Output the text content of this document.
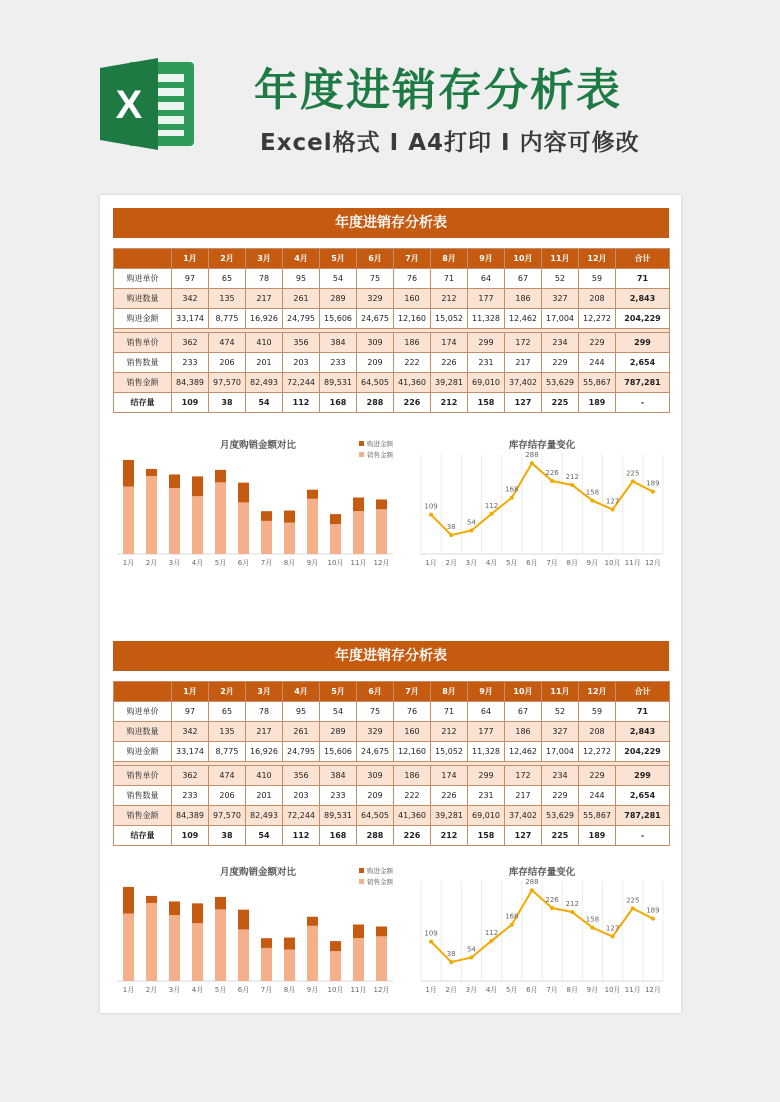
X	年度进销存分析表
Excel格式 I A4打印 I 内容可修改
年度进销存分析表
	1月	2月	3月	4月	5月	6月	7月	8月	9月	10月	11月	12月	合计
购进单价	97	65	78	95	54	75	76	71	64	67	52	59	71
购进数量	342	135	217	261	289	329	160	212	177	186	327	208	2,843
购进金额	33,174	8,775	16,926	24,795	15,606	24,675	12,160	15,052	11,328	12,462	17,004	12,272	204,229

销售单价	362	474	410	356	384	309	186	174	299	172	234	229	299
销售数量	233	206	201	203	233	209	222	226	231	217	229	244	2,654
销售金额	84,389	97,570	82,493	72,244	89,531	64,505	41,360	39,281	69,010	37,402	53,629	55,867	787,281
结存量	109	38	54	112	168	288	226	212	158	127	225	189	-
月度购销金额对比	购进金额
销售金额
1月 2月 3月 4月 5月 6月 7月 8月 9月 10月 11月 12月
库存结存量变化
109
1月
38
2月
54
3月
112
4月
168
5月
288
6月
226
7月
212
8月
158
9月
127
10月
225
11月
189
12月
年度进销存分析表
	1月	2月	3月	4月	5月	6月	7月	8月	9月	10月	11月	12月	合计
购进单价	97	65	78	95	54	75	76	71	64	67	52	59	71
购进数量	342	135	217	261	289	329	160	212	177	186	327	208	2,843
购进金额	33,174	8,775	16,926	24,795	15,606	24,675	12,160	15,052	11,328	12,462	17,004	12,272	204,229

销售单价	362	474	410	356	384	309	186	174	299	172	234	229	299
销售数量	233	206	201	203	233	209	222	226	231	217	229	244	2,654
销售金额	84,389	97,570	82,493	72,244	89,531	64,505	41,360	39,281	69,010	37,402	53,629	55,867	787,281
结存量	109	38	54	112	168	288	226	212	158	127	225	189	-
月度购销金额对比	购进金额
销售金额
1月 2月 3月 4月 5月 6月 7月 8月 9月 10月 11月 12月
库存结存量变化
109
1月
38
2月
54
3月
112
4月
168
5月
288
6月
226
7月
212
8月
158
9月
127
10月
225
11月
189
12月
